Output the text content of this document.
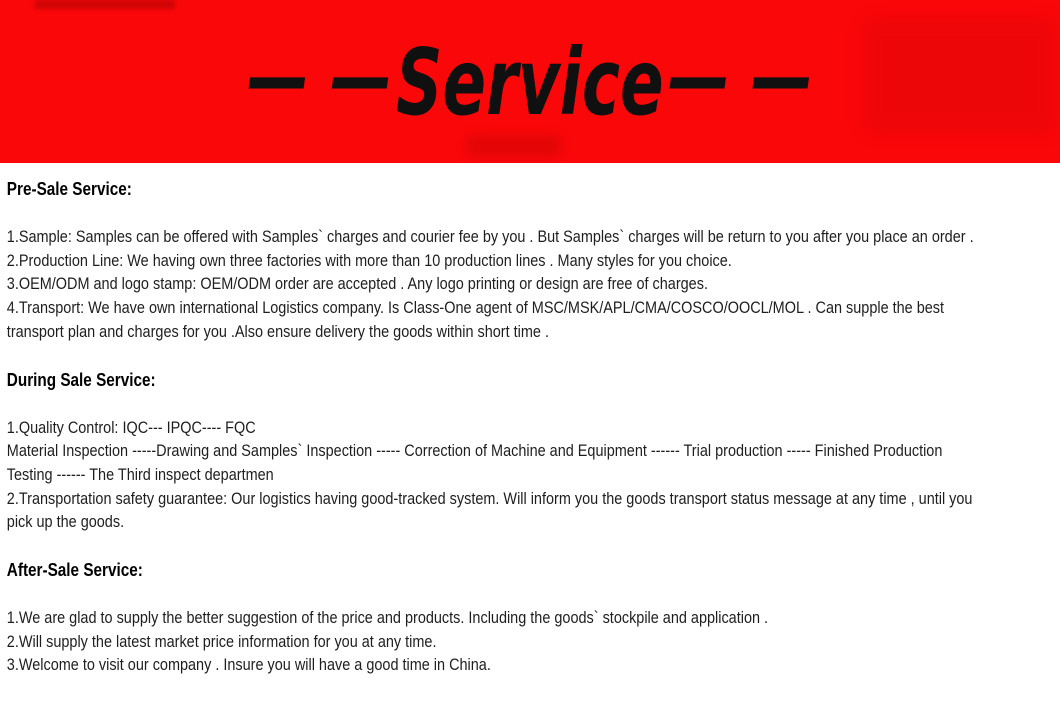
— — Service — —
Pre-Sale Service:
1.Sample: Samples can be offered with Samples` charges and courier fee by you . But Samples` charges will be return to you after you place an order .
2.Production Line: We having own three factories with more than 10 production lines . Many styles for you choice.
3.OEM/ODM and logo stamp: OEM/ODM order are accepted . Any logo printing or design are free of charges.
4.Transport: We have own international Logistics company. Is Class-One agent of MSC/MSK/APL/CMA/COSCO/OOCL/MOL . Can supple the best
transport plan and charges for you .Also ensure delivery the goods within short time .
During Sale Service:
1.Quality Control: IQC--- IPQC---- FQC
Material Inspection -----Drawing and Samples` Inspection ----- Correction of Machine and Equipment ------ Trial production ----- Finished Production
Testing ------ The Third inspect departmen
2.Transportation safety guarantee: Our logistics having good-tracked system. Will inform you the goods transport status message at any time , until you
pick up the goods.
After-Sale Service:
1.We are glad to supply the better suggestion of the price and products. Including the goods` stockpile and application .
2.Will supply the latest market price information for you at any time.
3.Welcome to visit our company . Insure you will have a good time in China.
